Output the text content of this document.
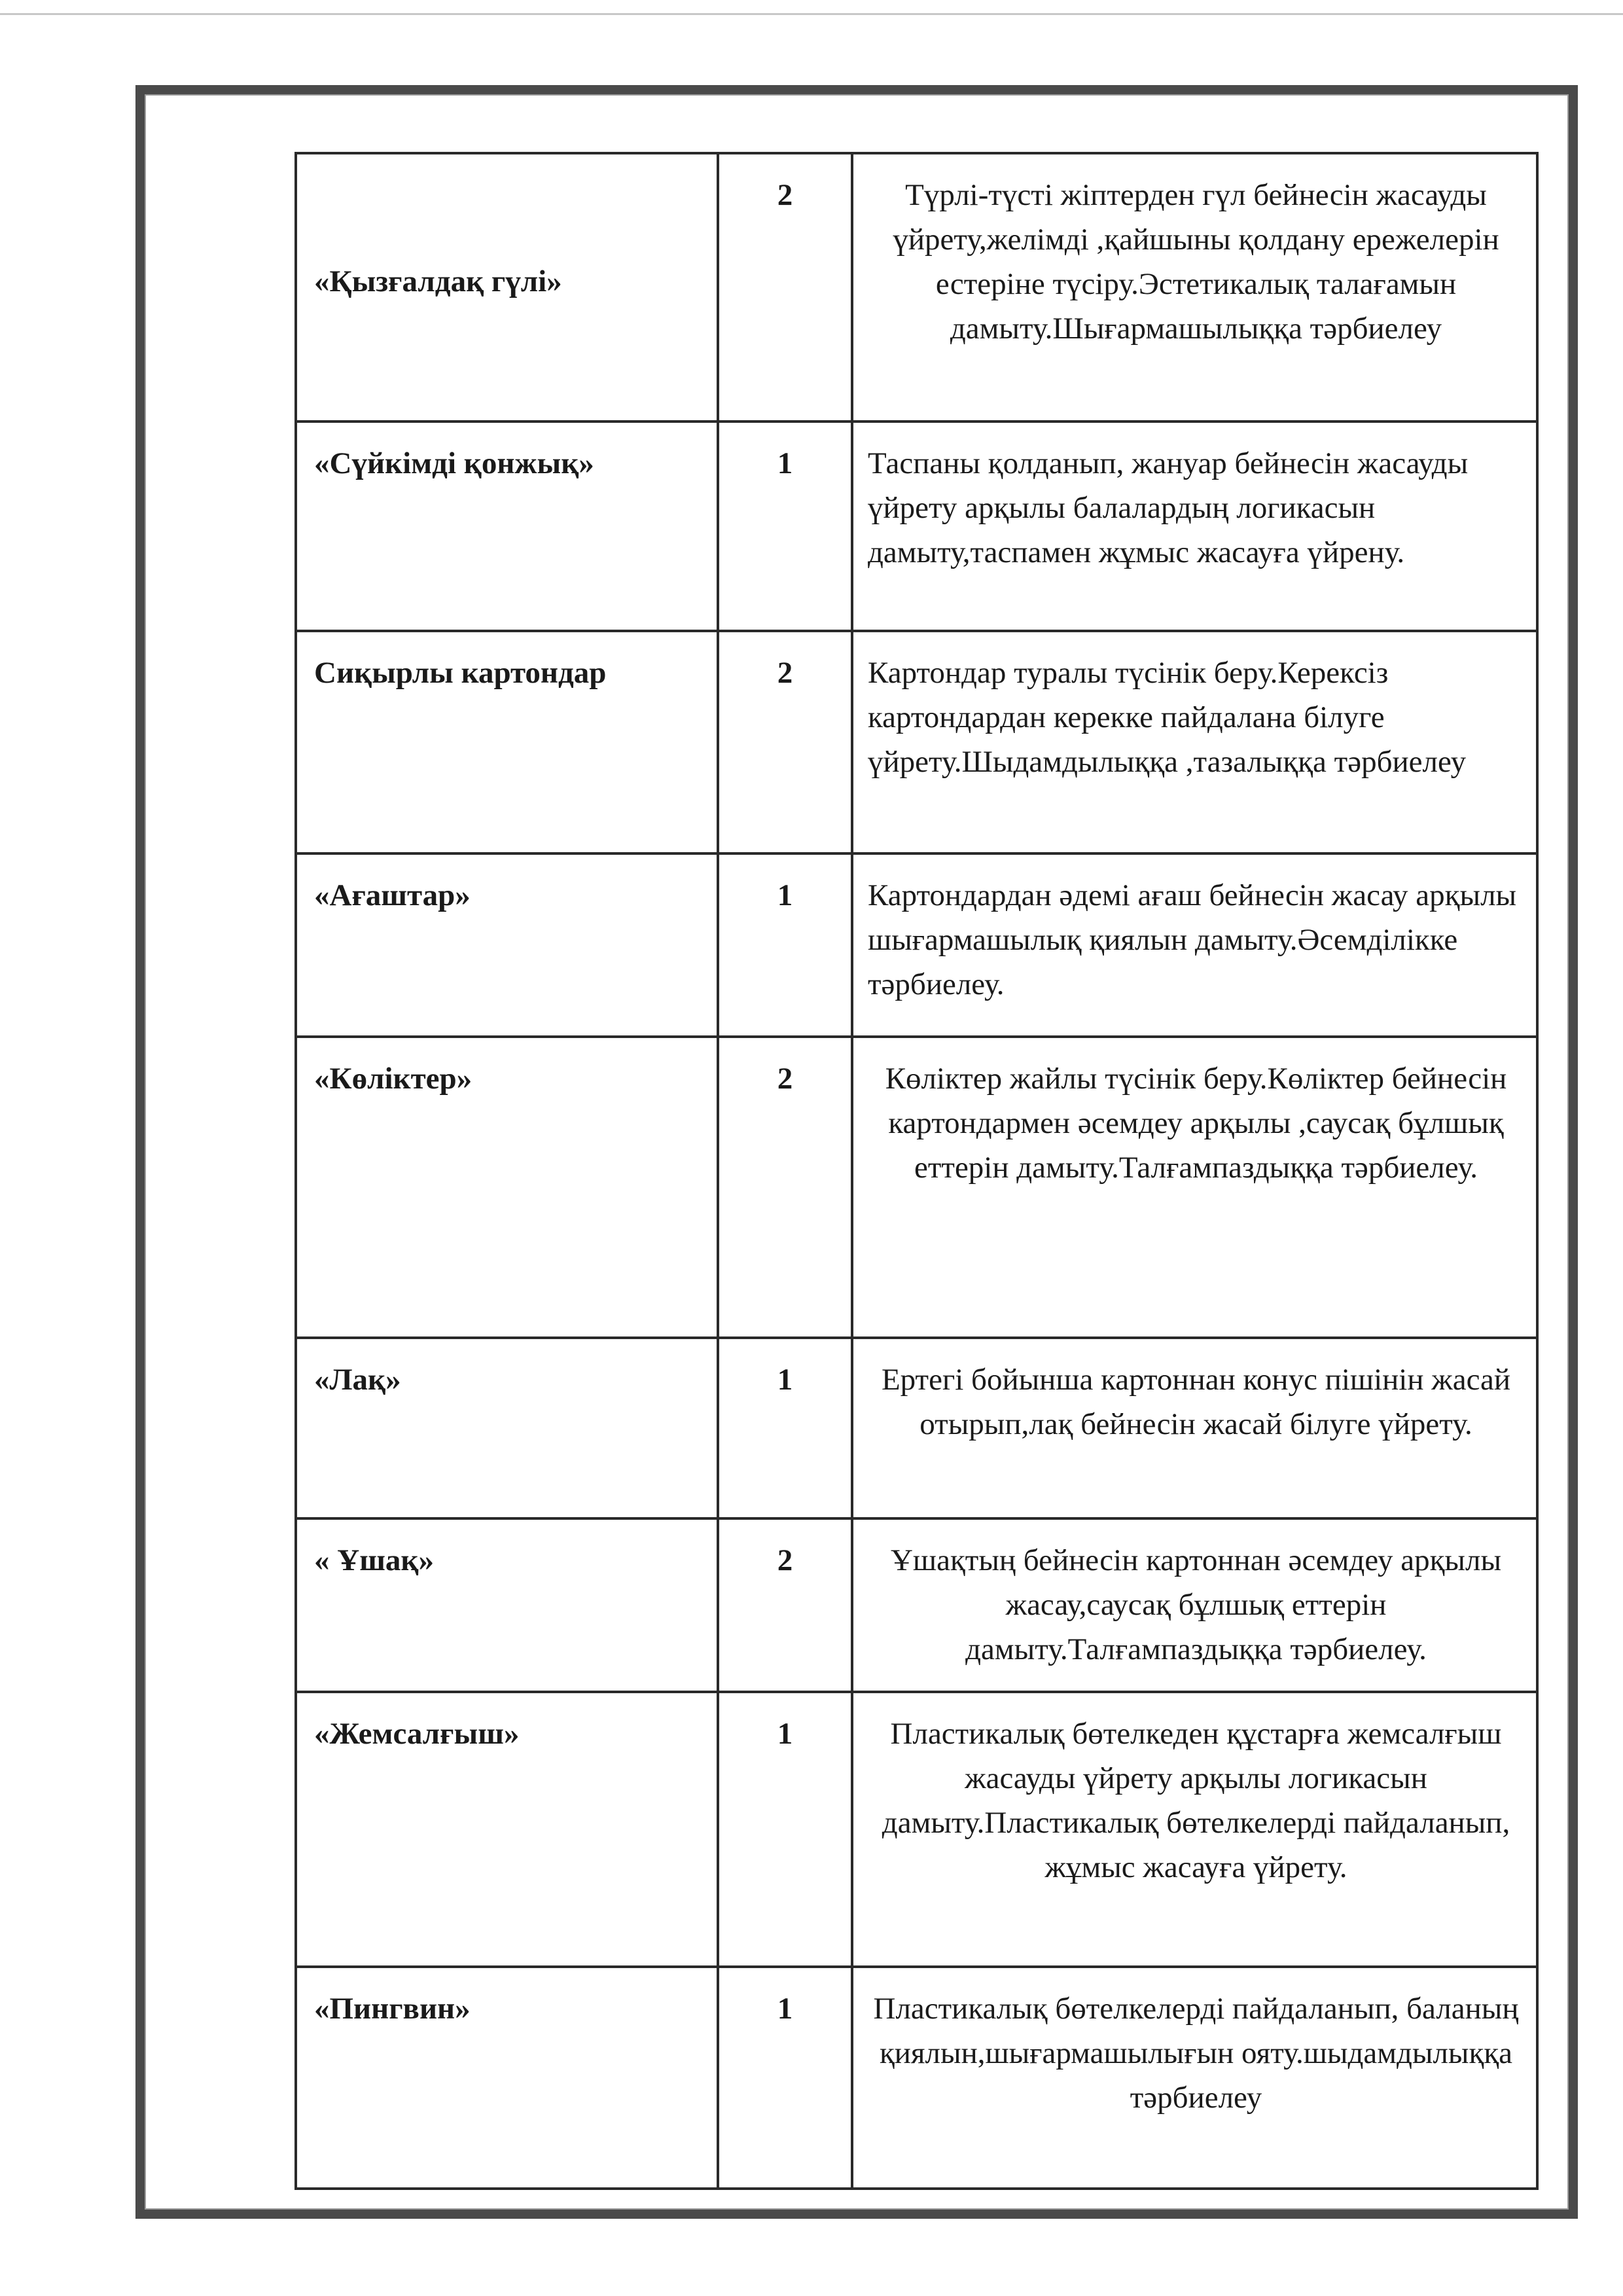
«Қызғалдақ гүлі»	2	Түрлі-түсті жіптерден гүл бейнесін жасауды үйрету,желімді ,қайшыны қолдану ережелерін естеріне түсіру.Эстетикалық талағамын дамыту.Шығармашылыққа тәрбиелеу
«Сүйкімді қонжық»	1	Таспаны қолданып, жануар бейнесін жасауды үйрету арқылы балалардың логикасын дамыту,таспамен жұмыс жасауға үйрену.
Сиқырлы картондар	2	Картондар туралы түсінік беру.Керексіз картондардан керекке пайдалана білуге үйрету.Шыдамдылыққа ,тазалыққа тәрбиелеу
«Ағаштар»	1	Картондардан әдемі ағаш бейнесін жасау арқылы шығармашылық қиялын дамыту.Әсемділікке тәрбиелеу.
«Көліктер»	2	Көліктер жайлы түсінік беру.Көліктер бейнесін картондармен әсемдеу арқылы ,саусақ бұлшық еттерін дамыту.Талғампаздыққа тәрбиелеу.
«Лақ»	1	Ертегі бойынша картоннан конус пішінін жасай отырып,лақ бейнесін жасай білуге үйрету.
« Ұшақ»	2	Ұшақтың бейнесін картоннан әсемдеу арқылы жасау,саусақ бұлшық еттерін дамыту.Талғампаздыққа тәрбиелеу.
«Жемсалғыш»	1	Пластикалық бөтелкеден құстарға жемсалғыш жасауды үйрету арқылы логикасын дамыту.Пластикалық бөтелкелерді пайдаланып, жұмыс жасауға үйрету.
«Пингвин»	1	Пластикалық бөтелкелерді пайдаланып, баланың қиялын,шығармашылығын ояту.шыдамдылыққа тәрбиелеу
